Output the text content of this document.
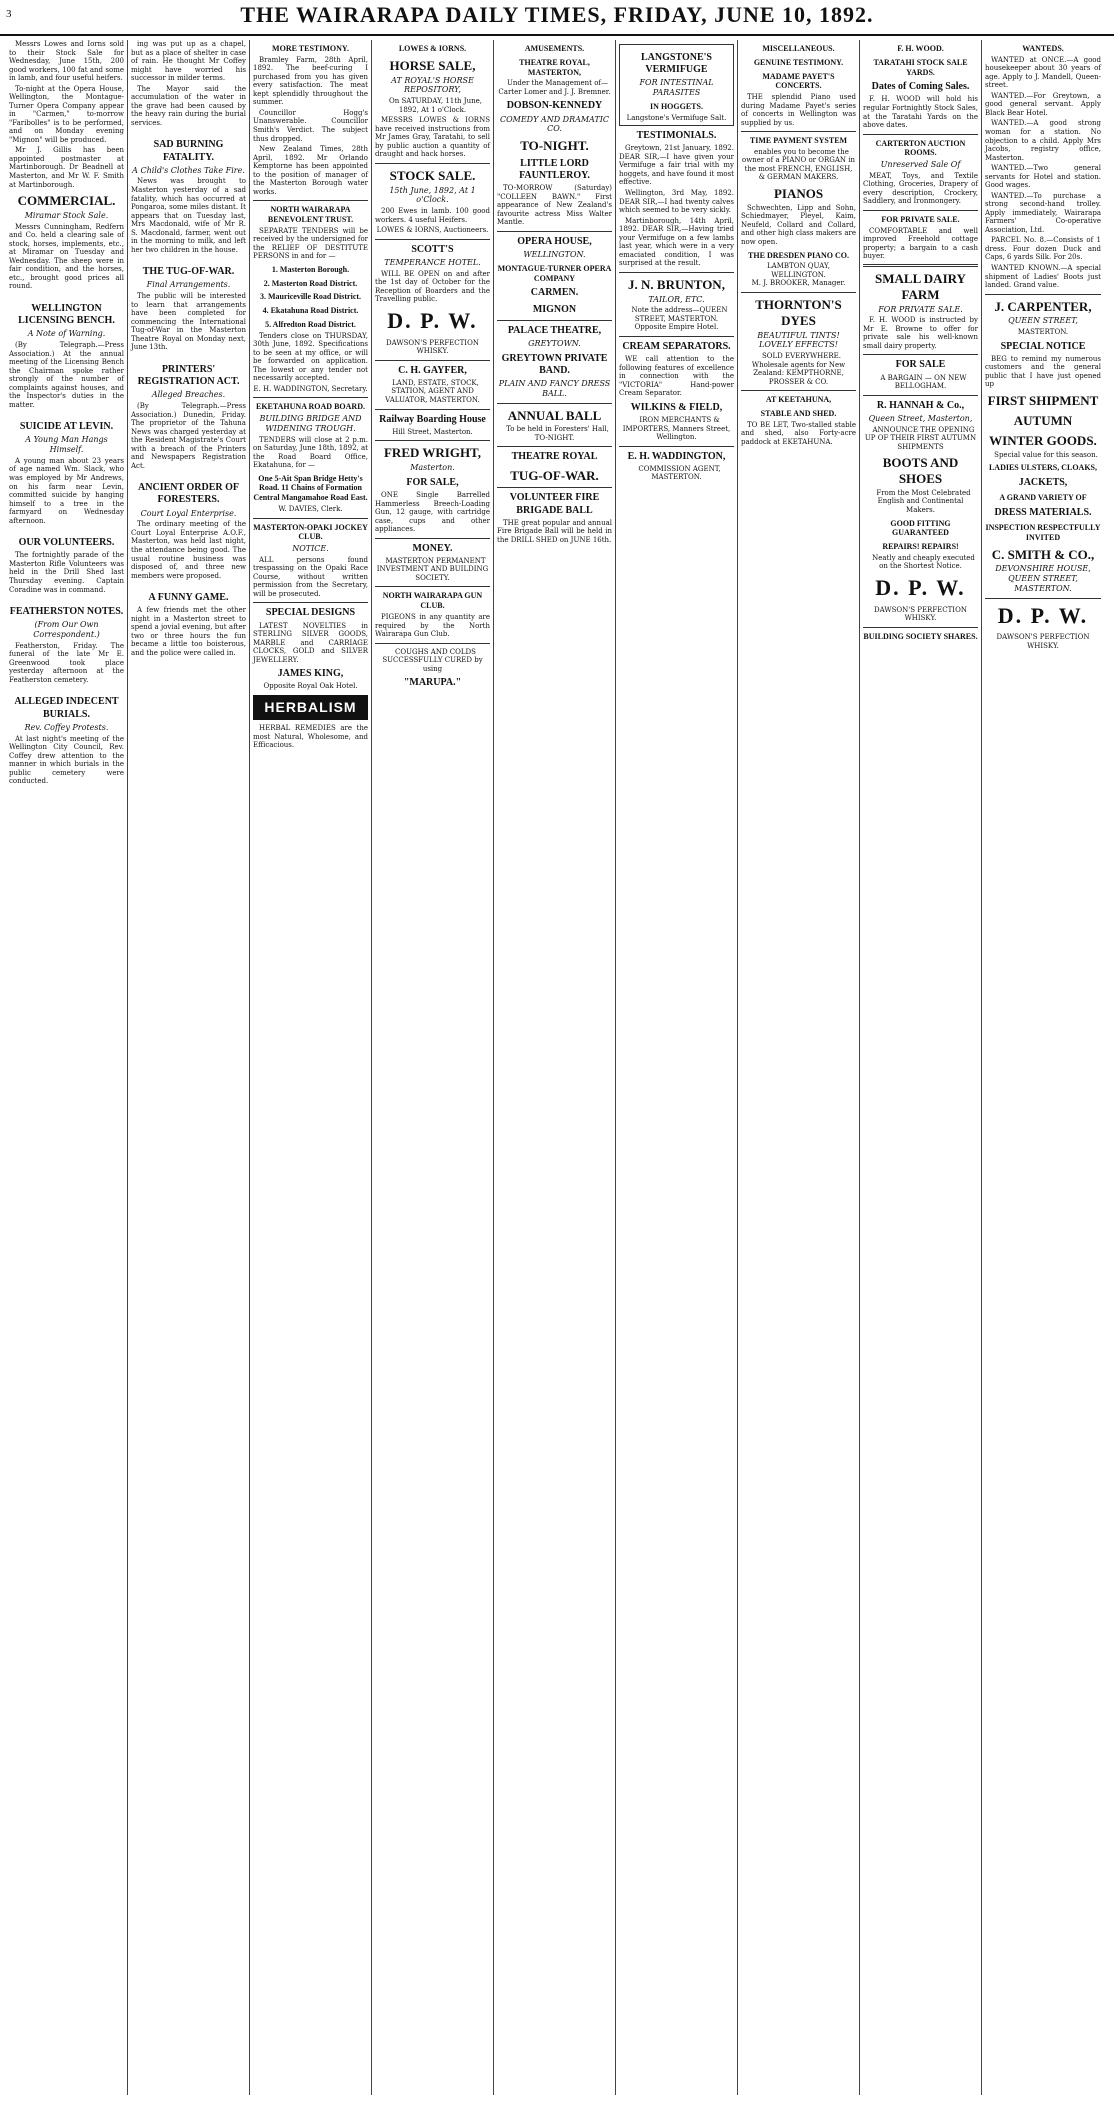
3	THE WAIRARAPA DAILY TIMES, FRIDAY, JUNE 10, 1892.

Messrs Lowes and Iorns sold to their Stock Sale for Wednesday, June 15th, 200 good workers, 100 fat and some in lamb, and four useful heifers.

To-night at the Opera House, Wellington, the Montague-Turner Opera Company appear in "Carmen," to-morrow "Faribolles" is to be performed, and on Monday evening "Mignon" will be produced.

Mr J. Gillis has been appointed postmaster at Martinborough. Dr Beadnell at Masterton, and Mr W. F. Smith at Martinborough.

COMMERCIAL.
Miramar Stock Sale.

Messrs Cunningham, Redfern and Co. held a clearing sale of stock, horses, implements, etc., at Miramar on Tuesday and Wednesday. The sheep were in fair condition, and the horses, etc., brought good prices all round.

WELLINGTON LICENSING BENCH.
A Note of Warning.

(By Telegraph.—Press Association.) At the annual meeting of the Licensing Bench the Chairman spoke rather strongly of the number of complaints against houses, and the Inspector's duties in the matter.

SUICIDE AT LEVIN.
A Young Man Hangs Himself.

A young man about 23 years of age named Wm. Slack, who was employed by Mr Andrews, on his farm near Levin, committed suicide by hanging himself to a tree in the farmyard on Wednesday afternoon.

OUR VOLUNTEERS.

The fortnightly parade of the Masterton Rifle Volunteers was held in the Drill Shed last Thursday evening. Captain Coradine was in command.

FEATHERSTON NOTES.
(From Our Own Correspondent.)

Featherston, Friday. The funeral of the late Mr E. Greenwood took place yesterday afternoon at the Featherston cemetery.

ALLEGED INDECENT BURIALS.
Rev. Coffey Protests.

At last night's meeting of the Wellington City Council, Rev. Coffey drew attention to the manner in which burials in the public cemetery were conducted.

ing was put up as a chapel, but as a place of shelter in case of rain. He thought Mr Coffey might have worried his successor in milder terms.

The Mayor said the accumulation of the water in the grave had been caused by the heavy rain during the burial services.

SAD BURNING FATALITY.
A Child's Clothes Take Fire.

News was brought to Masterton yesterday of a sad fatality, which has occurred at Pongaroa, some miles distant. It appears that on Tuesday last, Mrs Macdonald, wife of Mr R. S. Macdonald, farmer, went out in the morning to milk, and left her two children in the house.

THE TUG-OF-WAR.
Final Arrangements.

The public will be interested to learn that arrangements have been completed for commencing the International Tug-of-War in the Masterton Theatre Royal on Monday next, June 13th.

PRINTERS' REGISTRATION ACT.
Alleged Breaches.

(By Telegraph.—Press Association.) Dunedin, Friday. The proprietor of the Tahuna News was charged yesterday at the Resident Magistrate's Court with a breach of the Printers and Newspapers Registration Act.

ANCIENT ORDER OF FORESTERS.
Court Loyal Enterprise.

The ordinary meeting of the Court Loyal Enterprise A.O.F., Masterton, was held last night, the attendance being good. The usual routine business was disposed of, and three new members were proposed.

A FUNNY GAME.

A few friends met the other night in a Masterton street to spend a jovial evening, but after two or three hours the fun became a little too boisterous, and the police were called in.

MORE TESTIMONY.

Bramley Farm, 28th April, 1892. The beef-curing I purchased from you has given every satisfaction. The meat kept splendidly throughout the summer.

Councillor Hogg's Unanswerable. Councillor Smith's Verdict. The subject thus dropped.

New Zealand Times, 28th April, 1892. Mr Orlando Kemptorne has been appointed to the position of manager of the Masterton Borough water works.

NORTH WAIRARAPA BENEVOLENT TRUST.

SEPARATE TENDERS will be received by the undersigned for the RELIEF OF DESTITUTE PERSONS in and for —

1. Masterton Borough.
2. Masterton Road District.
3. Mauriceville Road District.
4. Ekatahuna Road District.
5. Alfredton Road District.

Tenders close on THURSDAY, 30th June, 1892. Specifications to be seen at my office, or will be forwarded on application. The lowest or any tender not necessarily accepted.

E. H. WADDINGTON, Secretary.
EKETAHUNA ROAD BOARD.
BUILDING BRIDGE AND WIDENING TROUGH.

TENDERS will close at 2 p.m. on Saturday, June 18th, 1892, at the Road Board Office, Ekatahuna, for —

One 5-Ait Span Bridge Hetty's Road. 11 Chains of Formation Central Mangamahoe Road East.
W. DAVIES, Clerk.
MASTERTON-OPAKI JOCKEY CLUB.
NOTICE.

ALL persons found trespassing on the Opaki Race Course, without written permission from the Secretary, will be prosecuted.

SPECIAL DESIGNS

LATEST NOVELTIES in STERLING SILVER GOODS, MARBLE and CARRIAGE CLOCKS, GOLD and SILVER JEWELLERY.

JAMES KING,
Opposite Royal Oak Hotel.
HERBALISM

HERBAL REMEDIES are the most Natural, Wholesome, and Efficacious.

LOWES & IORNS.
HORSE SALE,
AT ROYAL'S HORSE REPOSITORY,

On SATURDAY, 11th June, 1892, At 1 o'Clock.

MESSRS LOWES & IORNS have received instructions from Mr James Gray, Taratahi, to sell by public auction a quantity of draught and hack horses.

STOCK SALE.
15th June, 1892, At 1 o'Clock.

200 Ewes in lamb. 100 good workers. 4 useful Heifers.

LOWES & IORNS, Auctioneers.
SCOTT'S
TEMPERANCE HOTEL.

WILL BE OPEN on and after the 1st day of October for the Reception of Boarders and the Travelling public.

D. P. W.
DAWSON'S PERFECTION WHISKY.
C. H. GAYFER,

LAND, ESTATE, STOCK, STATION, AGENT AND VALUATOR, MASTERTON.

Railway Boarding House
Hill Street, Masterton.
FRED WRIGHT,
Masterton.
FOR SALE,

ONE Single Barrelled Hammerless Breech-Loading Gun, 12 gauge, with cartridge case, cups and other appliances.

MONEY.

MASTERTON PERMANENT INVESTMENT AND BUILDING SOCIETY.

NORTH WAIRARAPA GUN CLUB.

PIGEONS in any quantity are required by the North Wairarapa Gun Club.

COUGHS AND COLDS SUCCESSFULLY CURED by using

"MARUPA."
AMUSEMENTS.
THEATRE ROYAL, MASTERTON,

Under the Management of—Carter Lomer and J. J. Bremner.

DOBSON-KENNEDY
COMEDY AND DRAMATIC CO.
TO-NIGHT.
LITTLE LORD FAUNTLEROY.

TO-MORROW (Saturday) "COLLEEN BAWN." First appearance of New Zealand's favourite actress Miss Walter Mantle.

OPERA HOUSE,
WELLINGTON.
MONTAGUE-TURNER OPERA COMPANY
CARMEN.
MIGNON
PALACE THEATRE,
GREYTOWN.
GREYTOWN PRIVATE BAND.
PLAIN AND FANCY DRESS BALL.
ANNUAL BALL

To be held in Foresters' Hall, TO-NIGHT.

THEATRE ROYAL
TUG-OF-WAR.
VOLUNTEER FIRE BRIGADE BALL

THE great popular and annual Fire Brigade Ball will be held in the DRILL SHED on JUNE 16th.

LANGSTONE'S VERMIFUGE
FOR INTESTINAL PARASITES
IN HOGGETS.
Langstone's Vermifuge Salt.
TESTIMONIALS.

Greytown, 21st January, 1892. DEAR SIR,—I have given your Vermifuge a fair trial with my hoggets, and have found it most effective.

Wellington, 3rd May, 1892. DEAR SIR,—I had twenty calves which seemed to be very sickly.

Martinborough, 14th April, 1892. DEAR SIR,—Having tried your Vermifuge on a few lambs last year, which were in a very emaciated condition, I was surprised at the result.

J. N. BRUNTON,
TAILOR, ETC.

Note the address—QUEEN STREET, MASTERTON. Opposite Empire Hotel.

CREAM SEPARATORS.

WE call attention to the following features of excellence in connection with the "VICTORIA" Hand-power Cream Separator.

WILKINS & FIELD,

IRON MERCHANTS & IMPORTERS, Manners Street, Wellington.

E. H. WADDINGTON,

COMMISSION AGENT, MASTERTON.

MISCELLANEOUS.
GENUINE TESTIMONY.
MADAME PAYET'S CONCERTS.

THE splendid Piano used during Madame Payet's series of concerts in Wellington was supplied by us.

TIME PAYMENT SYSTEM

enables you to become the owner of a PIANO or ORGAN in the most FRENCH, ENGLISH, & GERMAN MAKERS.

PIANOS

Schwechten, Lipp and Sohn, Schiedmayer, Pleyel, Kaim, Neufeld, Collard and Collard, and other high class makers are now open.

THE DRESDEN PIANO CO.
LAMBTON QUAY, WELLINGTON.
M. J. BROOKER, Manager.
THORNTON'S DYES
BEAUTIFUL TINTS! LOVELY EFFECTS!

SOLD EVERYWHERE. Wholesale agents for New Zealand: KEMPTHORNE, PROSSER & CO.

AT KEETAHUNA,
STABLE AND SHED.

TO BE LET, Two-stalled stable and shed, also Forty-acre paddock at EKETAHUNA.

F. H. WOOD.
TARATAHI STOCK SALE YARDS.
Dates of Coming Sales.

F. H. WOOD will hold his regular Fortnightly Stock Sales, at the Taratahi Yards on the above dates.

CARTERTON AUCTION ROOMS.
Unreserved Sale Of

MEAT, Toys, and Textile Clothing, Groceries, Drapery of every description, Crockery, Saddlery, and Ironmongery.

FOR PRIVATE SALE.

COMFORTABLE and well improved Freehold cottage property; a bargain to a cash buyer.

SMALL DAIRY FARM
FOR PRIVATE SALE.

F. H. WOOD is instructed by Mr E. Browne to offer for private sale his well-known small dairy property.

FOR SALE

A BARGAIN — ON NEW BELLOGHAM.

R. HANNAH & Co.,
Queen Street, Masterton,

ANNOUNCE THE OPENING UP OF THEIR FIRST AUTUMN SHIPMENTS

BOOTS AND SHOES

From the Most Celebrated English and Continental Makers.

GOOD FITTING GUARANTEED
REPAIRS! REPAIRS!

Neatly and cheaply executed on the Shortest Notice.

D. P. W.
DAWSON'S PERFECTION WHISKY.
BUILDING SOCIETY SHARES.
WANTEDS.

WANTED at ONCE.—A good housekeeper about 30 years of age. Apply to J. Mandell, Queen-street.

WANTED.—For Greytown, a good general servant. Apply Black Bear Hotel.

WANTED.—A good strong woman for a station. No objection to a child. Apply Mrs Jacobs, registry office, Masterton.

WANTED.—Two general servants for Hotel and station. Good wages.

WANTED.—To purchase a strong second-hand trolley. Apply immediately, Wairarapa Farmers' Co-operative Association, Ltd.

PARCEL No. 8.—Consists of 1 dress. Four dozen Duck and Caps, 6 yards Silk. For 20s.

WANTED KNOWN.—A special shipment of Ladies' Boots just landed. Grand value.

J. CARPENTER,
QUEEN STREET,
MASTERTON.
SPECIAL NOTICE

BEG to remind my numerous customers and the general public that I have just opened up

FIRST SHIPMENT
AUTUMN
WINTER GOODS.

Special value for this season.

LADIES ULSTERS, CLOAKS,
JACKETS,
A GRAND VARIETY OF
DRESS MATERIALS.
INSPECTION RESPECTFULLY INVITED
C. SMITH & CO.,
DEVONSHIRE HOUSE, QUEEN STREET, MASTERTON.
D. P. W.
DAWSON'S PERFECTION WHISKY.
